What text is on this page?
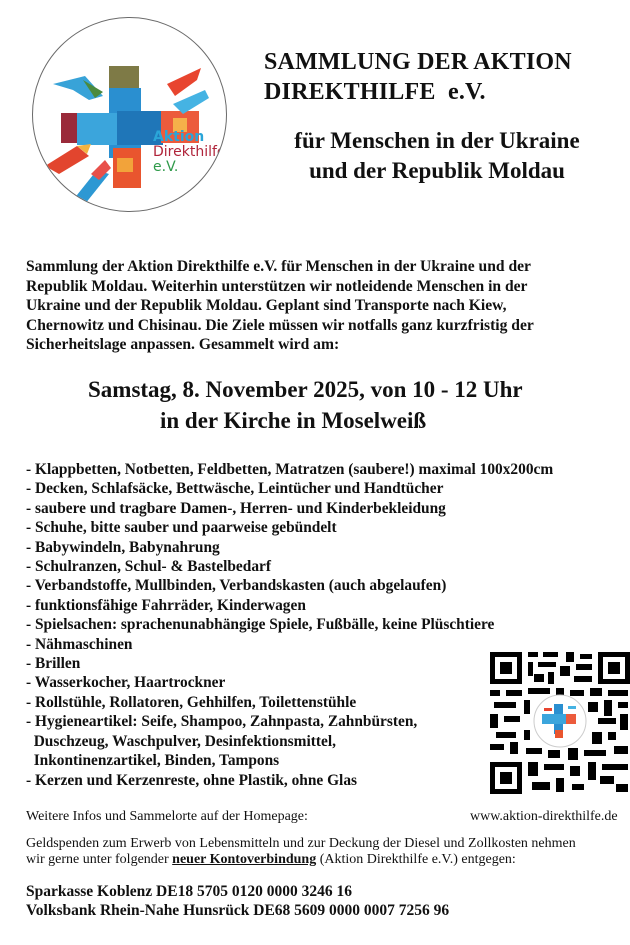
Aktion
Direkthilfe
e.V.
SAMMLUNG DER AKTION
DIREKTHILFE  e.V.
für Menschen in der Ukraine
und der Republik Moldau
Sammlung der Aktion Direkthilfe e.V. für Menschen in der Ukraine und der
Republik Moldau. Weiterhin unterstützen wir notleidende Menschen in der
Ukraine und der Republik Moldau. Geplant sind Transporte nach Kiew,
Chernowitz und Chisinau. Die Ziele müssen wir notfalls ganz kurzfristig der
Sicherheitslage anpassen. Gesammelt wird am:
Samstag, 8. November 2025, von 10 - 12 Uhr
in der Kirche in Moselweiß
- Klappbetten, Notbetten, Feldbetten, Matratzen (saubere!) maximal 100x200cm
- Decken, Schlafsäcke, Bettwäsche, Leintücher und Handtücher
- saubere und tragbare Damen-, Herren- und Kinderbekleidung
- Schuhe, bitte sauber und paarweise gebündelt
- Babywindeln, Babynahrung
- Schulranzen, Schul- & Bastelbedarf
- Verbandstoffe, Mullbinden, Verbandskasten (auch abgelaufen)
- funktionsfähige Fahrräder, Kinderwagen
- Spielsachen: sprachenunabhängige Spiele, Fußbälle, keine Plüschtiere
- Nähmaschinen
- Brillen
- Wasserkocher, Haartrockner
- Rollstühle, Rollatoren, Gehhilfen, Toilettenstühle
- Hygieneartikel: Seife, Shampoo, Zahnpasta, Zahnbürsten,
Duschzeug, Waschpulver, Desinfektionsmittel,
Inkontinenzartikel, Binden, Tampons
- Kerzen und Kerzenreste, ohne Plastik, ohne Glas
Weitere Infos und Sammelorte auf der Homepage:	www.aktion-direkthilfe.de
Geldspenden zum Erwerb von Lebensmitteln und zur Deckung der Diesel und Zollkosten nehmen
wir gerne unter folgender neuer Kontoverbindung (Aktion Direkthilfe e.V.) entgegen:
Sparkasse Koblenz DE18 5705 0120 0000 3246 16
Volksbank Rhein-Nahe Hunsrück DE68 5609 0000 0007 7256 96
